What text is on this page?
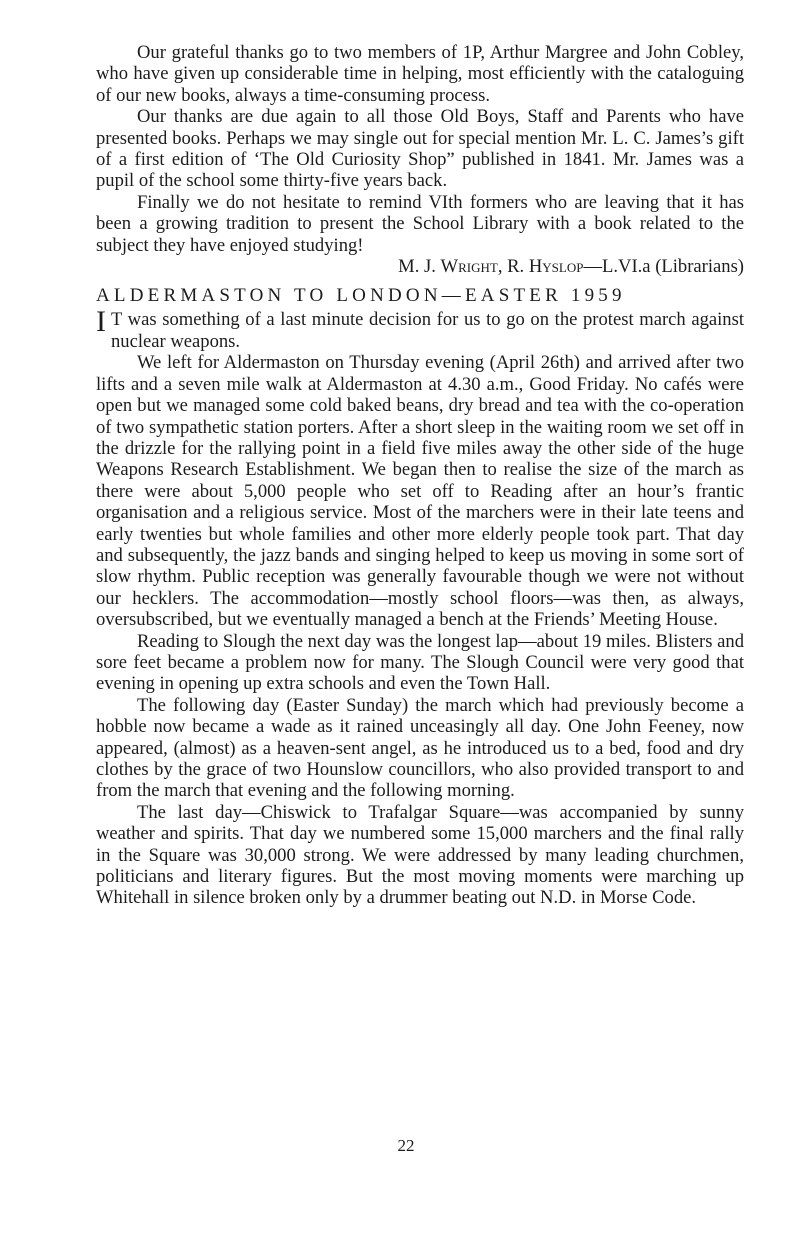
Our grateful thanks go to two members of 1P, Arthur Margree and John Cobley, who have given up considerable time in helping, most efficiently with the cataloguing of our new books, always a time-consuming process.

Our thanks are due again to all those Old Boys, Staff and Parents who have presented books. Perhaps we may single out for special mention Mr. L. C. James’s gift of a first edition of ‘The Old Curiosity Shop” published in 1841. Mr. James was a pupil of the school some thirty-five years back.

Finally we do not hesitate to remind VIth formers who are leaving that it has been a growing tradition to present the School Library with a book related to the subject they have enjoyed studying!

M. J. Wright, R. Hyslop—L.VI.a (Librarians)
ALDERMASTON TO LONDON—EASTER 1959

I T was something of a last minute decision for us to go on the protest march against nuclear weapons.

We left for Aldermaston on Thursday evening (April 26th) and arrived after two lifts and a seven mile walk at Aldermaston at 4.30 a.m., Good Friday. No cafés were open but we managed some cold baked beans, dry bread and tea with the co-operation of two sympathetic station porters. After a short sleep in the waiting room we set off in the drizzle for the rallying point in a field five miles away the other side of the huge Weapons Research Establishment. We began then to realise the size of the march as there were about 5,000 people who set off to Reading after an hour’s frantic organisation and a religious service. Most of the marchers were in their late teens and early twenties but whole families and other more elderly people took part. That day and subsequently, the jazz bands and singing helped to keep us moving in some sort of slow rhythm. Public reception was generally favourable though we were not without our hecklers. The accommodation—mostly school floors—was then, as always, oversubscribed, but we eventually managed a bench at the Friends’ Meeting House.

Reading to Slough the next day was the longest lap—about 19 miles. Blisters and sore feet became a problem now for many. The Slough Council were very good that evening in opening up extra schools and even the Town Hall.

The following day (Easter Sunday) the march which had previously become a hobble now became a wade as it rained unceasingly all day. One John Feeney, now appeared, (almost) as a heaven-sent angel, as he introduced us to a bed, food and dry clothes by the grace of two Hounslow councillors, who also provided transport to and from the march that evening and the following morning.

The last day—Chiswick to Trafalgar Square—was accompanied by sunny weather and spirits. That day we numbered some 15,000 marchers and the final rally in the Square was 30,000 strong. We were addressed by many leading churchmen, politicians and literary figures. But the most moving moments were marching up Whitehall in silence broken only by a drummer beating out N.D. in Morse Code.

22
